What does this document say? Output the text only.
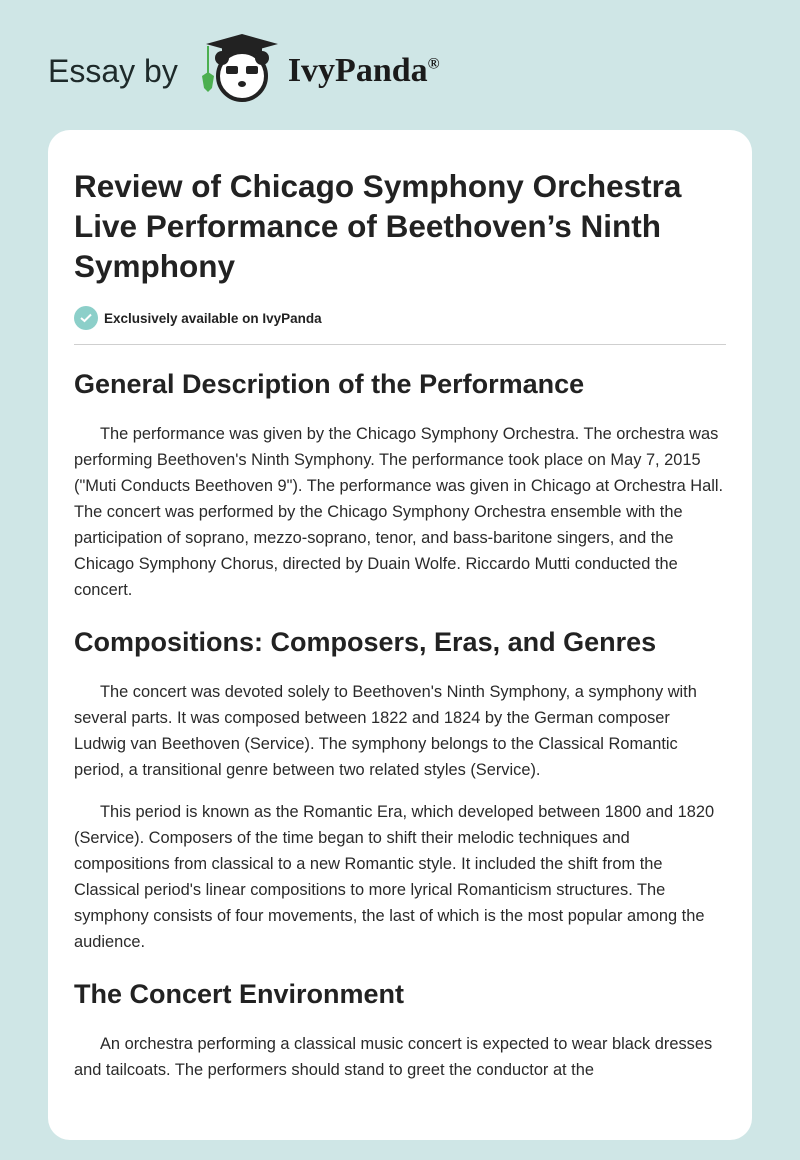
Essay by	IvyPanda®
Review of Chicago Symphony Orchestra Live Performance of Beethoven’s Ninth Symphony
Exclusively available on IvyPanda
General Description of the Performance

The performance was given by the Chicago Symphony Orchestra. The orchestra was performing Beethoven's Ninth Symphony. The performance took place on May 7, 2015 ("Muti Conducts Beethoven 9"). The performance was given in Chicago at Orchestra Hall. The concert was performed by the Chicago Symphony Orchestra ensemble with the participation of soprano, mezzo-soprano, tenor, and bass-baritone singers, and the Chicago Symphony Chorus, directed by Duain Wolfe. Riccardo Mutti conducted the concert.

Compositions: Composers, Eras, and Genres

The concert was devoted solely to Beethoven's Ninth Symphony, a symphony with several parts. It was composed between 1822 and 1824 by the German composer Ludwig van Beethoven (Service). The symphony belongs to the Classical Romantic period, a transitional genre between two related styles (Service).

This period is known as the Romantic Era, which developed between 1800 and 1820 (Service). Composers of the time began to shift their melodic techniques and compositions from classical to a new Romantic style. It included the shift from the Classical period's linear compositions to more lyrical Romanticism structures. The symphony consists of four movements, the last of which is the most popular among the audience.

The Concert Environment

An orchestra performing a classical music concert is expected to wear black dresses and tailcoats. The performers should stand to greet the conductor at the
